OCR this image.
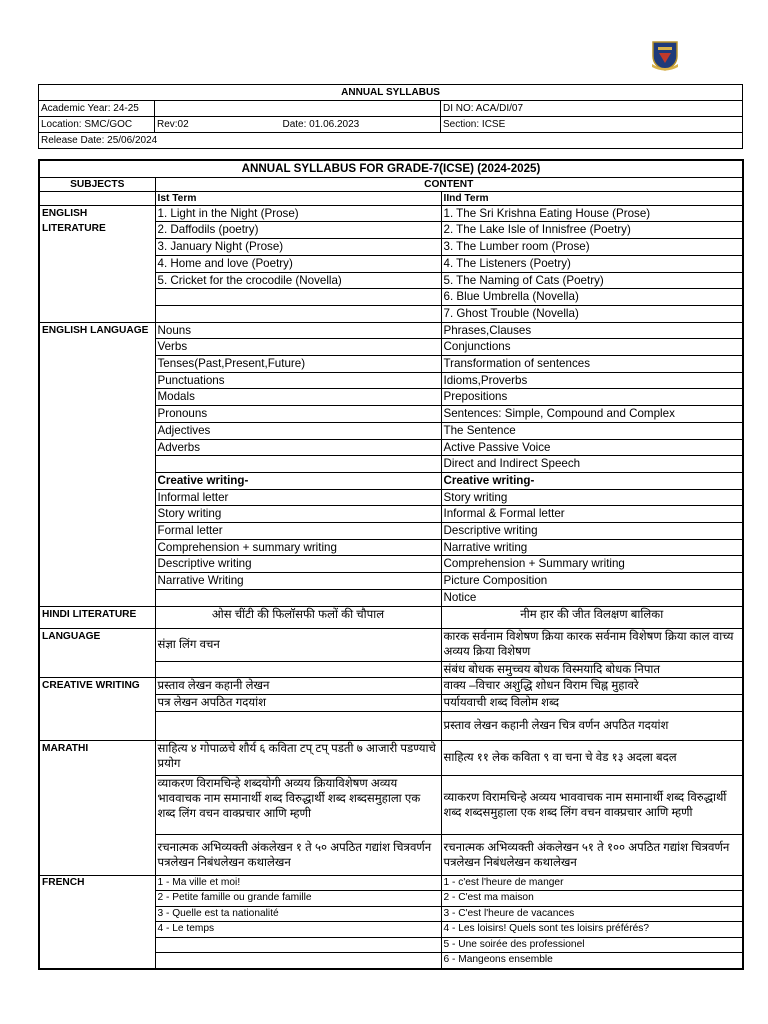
ANNUAL SYLLABUS			
Academic Year: 24-25			DI NO: ACA/DI/07
Location: SMC/GOC	Rev:02	Date: 01.06.2023	Section: ICSE
Release Date: 25/06/2024			
ANNUAL SYLLABUS FOR GRADE-7(ICSE) (2024-2025)		
SUBJECTS	CONTENT	
	Ist Term	IInd Term
ENGLISH LITERATURE	1. Light in the Night (Prose)	1. The Sri Krishna Eating House (Prose)
	2. Daffodils (poetry)	2. The Lake Isle of Innisfree (Poetry)
	3. January Night (Prose)	3. The Lumber room (Prose)
	4. Home and love (Poetry)	4. The Listeners (Poetry)
	5. Cricket for the crocodile (Novella)	5. The Naming of Cats (Poetry)
		6. Blue Umbrella (Novella)
		7. Ghost Trouble (Novella)
ENGLISH LANGUAGE	Nouns	Phrases,Clauses
	Verbs	Conjunctions
	Tenses(Past,Present,Future)	Transformation of sentences
	Punctuations	Idioms,Proverbs
	Modals	Prepositions
	Pronouns	Sentences: Simple, Compound and Complex
	Adjectives	The Sentence
	Adverbs	Active Passive Voice
		Direct and Indirect Speech
	Creative writing-	Creative writing-
	Informal letter	Story writing
	Story writing	Informal & Formal letter
	Formal letter	Descriptive writing
	Comprehension + summary writing	Narrative writing
	Descriptive writing	Comprehension + Summary writing
	Narrative Writing	Picture Composition
		Notice
HINDI LITERATURE	ओस चींटी की फिलॉसफी फलों की चौपाल	नीम हार की जीत विलक्षण बालिका
LANGUAGE	संज्ञा लिंग वचन	कारक सर्वनाम विशेषण क्रिया कारक सर्वनाम विशेषण क्रिया काल वाच्य अव्यय क्रिया विशेषण
		संबंध बोधक समुच्चय बोधक विस्मयादि बोधक निपात
CREATIVE WRITING	प्रस्ताव लेखन कहानी लेखन	वाक्य –विचार अशुद्धि शोधन विराम चिह्न मुहावरे
	पत्र लेखन अपठित गदयांश	पर्यायवाची शब्द विलोम शब्द
		प्रस्ताव लेखन कहानी लेखन चित्र वर्णन अपठित गदयांश
MARATHI	साहित्य ४ गोपाळचे शौर्य ६ कविता टप् टप् पडती ७ आजारी पडण्याचे प्रयोग	साहित्य ११ लेक कविता ९ वा चना चे वेड १३ अदला बदल
	व्याकरण विरामचिन्हे शब्दयोगी अव्यय क्रियाविशेषण अव्यय भाववाचक नाम समानार्थी शब्द विरुद्धार्थी शब्द शब्दसमुहाला एक शब्द लिंग वचन वाक्प्रचार आणि म्हणी	व्याकरण विरामचिन्हे अव्यय भाववाचक नाम समानार्थी शब्द विरुद्धार्थी शब्द शब्दसमुहाला एक शब्द लिंग वचन वाक्प्रचार आणि म्हणी
	रचनात्मक अभिव्यक्ती अंकलेखन १ ते ५० अपठित गद्यांश चित्रवर्णन पत्रलेखन निबंधलेखन कथालेखन	रचनात्मक अभिव्यक्ती अंकलेखन ५१ ते १०० अपठित गद्यांश चित्रवर्णन पत्रलेखन निबंधलेखन कथालेखन
FRENCH	1 - Ma ville et moi!	1 - c'est l'heure de manger
	2 - Petite famille ou grande famille	2 - C'est ma maison
	3 - Quelle est ta nationalité	3 - C'est l'heure de vacances
	4 - Le temps	4 - Les loisirs! Quels sont tes loisirs préférés?
		5 - Une soirée des professionel
		6 - Mangeons ensemble
